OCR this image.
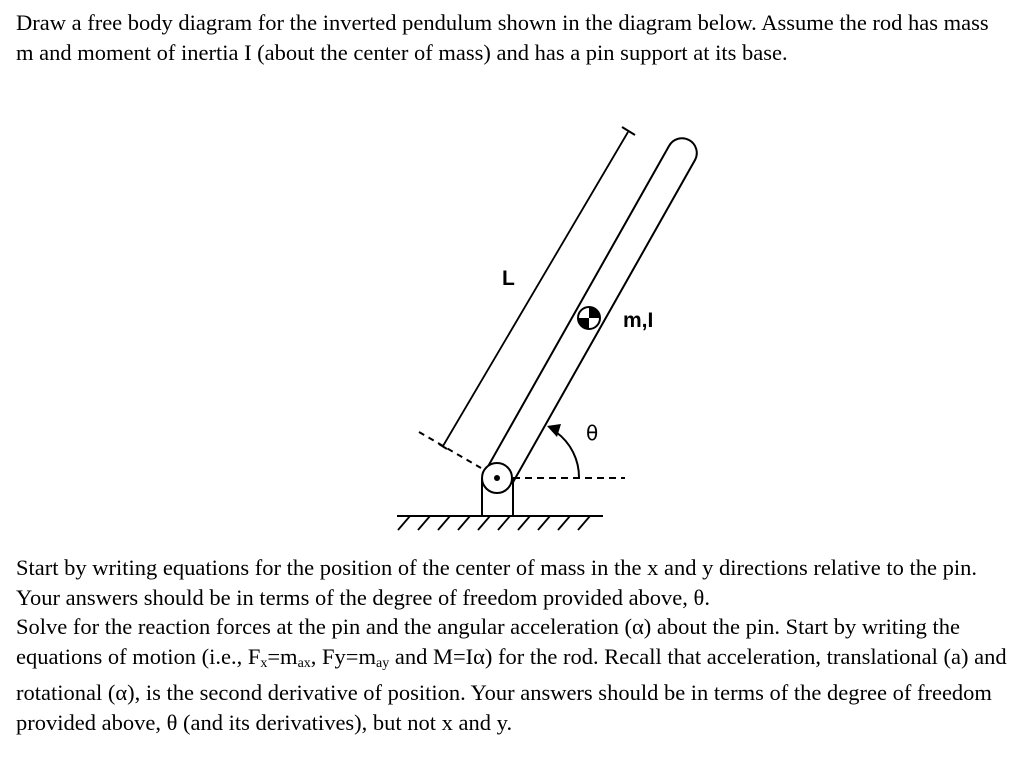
Draw a free body diagram for the inverted pendulum shown in the diagram below. Assume the rod has mass m and moment of inertia I (about the center of mass) and has a pin support at its base.

L
m,I
θ
Start by writing equations for the position of the center of mass in the x and y directions relative to the pin. Your answers should be in terms of the degree of freedom provided above, θ.
Solve for the reaction forces at the pin and the angular acceleration (α) about the pin. Start by writing the equations of motion (i.e., $F_x=m_{ax}$, $Fy=m_{ay}$ and M=Iα) for the rod. Recall that acceleration, translational (a) and rotational (α), is the second derivative of position. Your answers should be in terms of the degree of freedom provided above, θ (and its derivatives), but not x and y.
